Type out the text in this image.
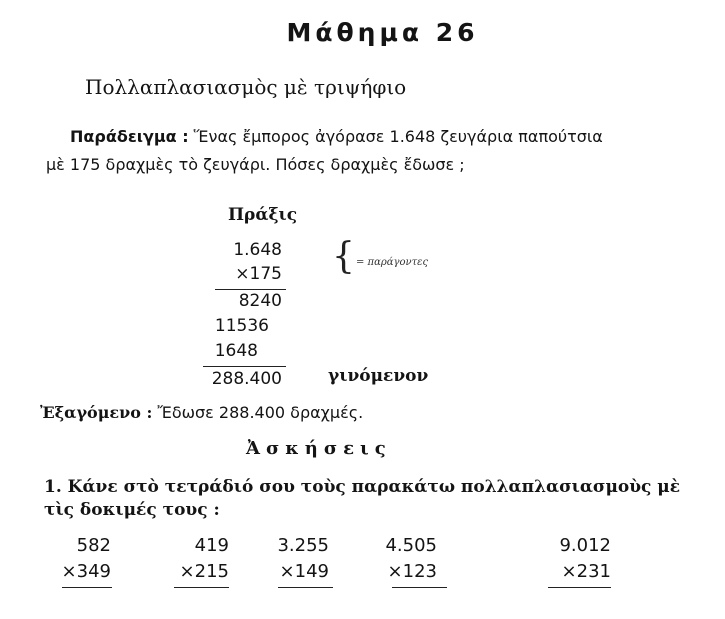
Μάθημα 26
Πολλαπλασιασμὸς μὲ τριψήφιο
Παράδειγμα : Ἕνας ἔμπορος ἀγόρασε 1.648 ζευγάρια παπούτσια
μὲ 175 δραχμὲς τὸ ζευγάρι. Πόσες δραχμὲς ἔδωσε ;
Πράξις
1.648
×175
8240
11536
1648
288.400	γινόμενον
{ = παράγοντες
Ἐξαγόμενο : Ἔδωσε 288.400 δραχμές.
Ἀσκήσεις
1. Κάνε στὸ τετράδιό σου τοὺς παρακάτω πολλαπλασιασμοὺς μὲ
τὶς δοκιμές τους :
582
×349
419
×215
3.255
×149
4.505
×123
9.012
×231
